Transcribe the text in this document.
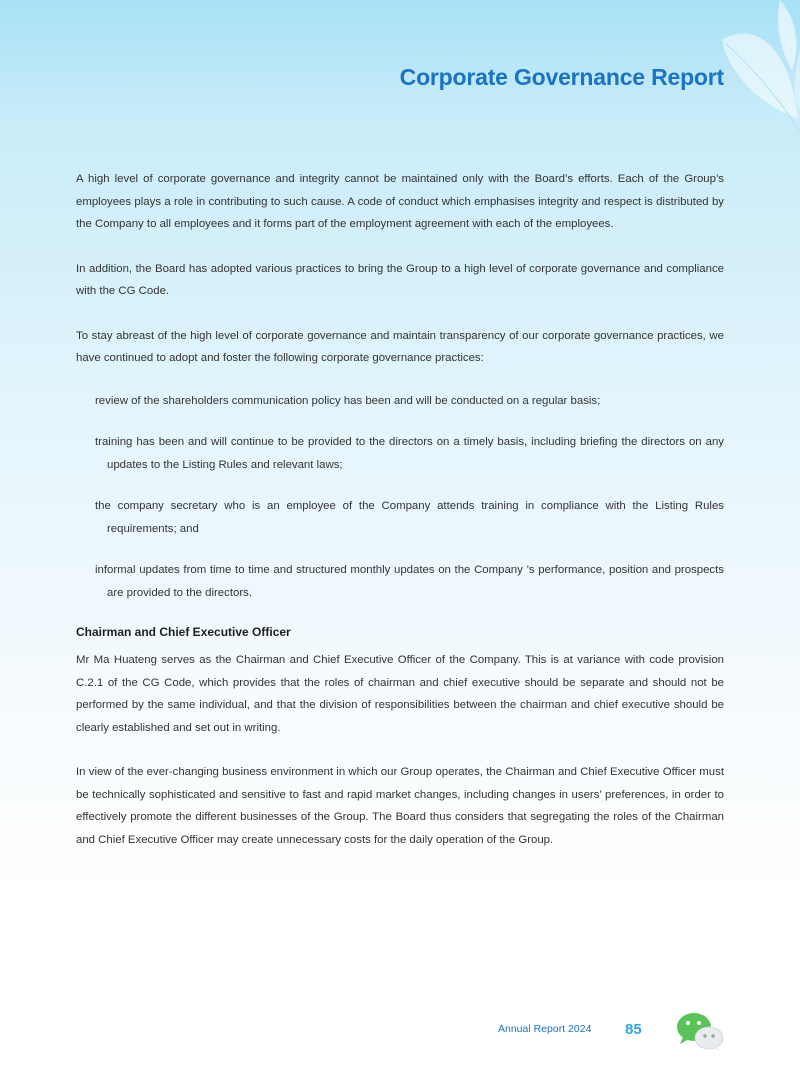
Corporate Governance Report

A high level of corporate governance and integrity cannot be maintained only with the Board’s efforts. Each of the Group’s employees plays a role in contributing to such cause. A code of conduct which emphasises integrity and respect is distributed by the Company to all employees and it forms part of the employment agreement with each of the employees.

In addition, the Board has adopted various practices to bring the Group to a high level of corporate governance and compliance with the CG Code.

To stay abreast of the high level of corporate governance and maintain transparency of our corporate governance practices, we have continued to adopt and foster the following corporate governance practices:

review of the shareholders communication policy has been and will be conducted on a regular basis;

training has been and will continue to be provided to the directors on a timely basis, including briefing the directors on any updates to the Listing Rules and relevant laws;

the company secretary who is an employee of the Company attends training in compliance with the Listing Rules requirements; and

informal updates from time to time and structured monthly updates on the Company ’s performance, position and prospects are provided to the directors.

Chairman and Chief Executive Officer

Mr Ma Huateng serves as the Chairman and Chief Executive Officer of the Company. This is at variance with code provision C.2.1 of the CG Code, which provides that the roles of chairman and chief executive should be separate and should not be performed by the same individual, and that the division of responsibilities between the chairman and chief executive should be clearly established and set out in writing.

In view of the ever-changing business environment in which our Group operates, the Chairman and Chief Executive Officer must be technically sophisticated and sensitive to fast and rapid market changes, including changes in users’ preferences, in order to effectively promote the different businesses of the Group. The Board thus considers that segregating the roles of the Chairman and Chief Executive Officer may create unnecessary costs for the daily operation of the Group.

Annual Report 2024 85
